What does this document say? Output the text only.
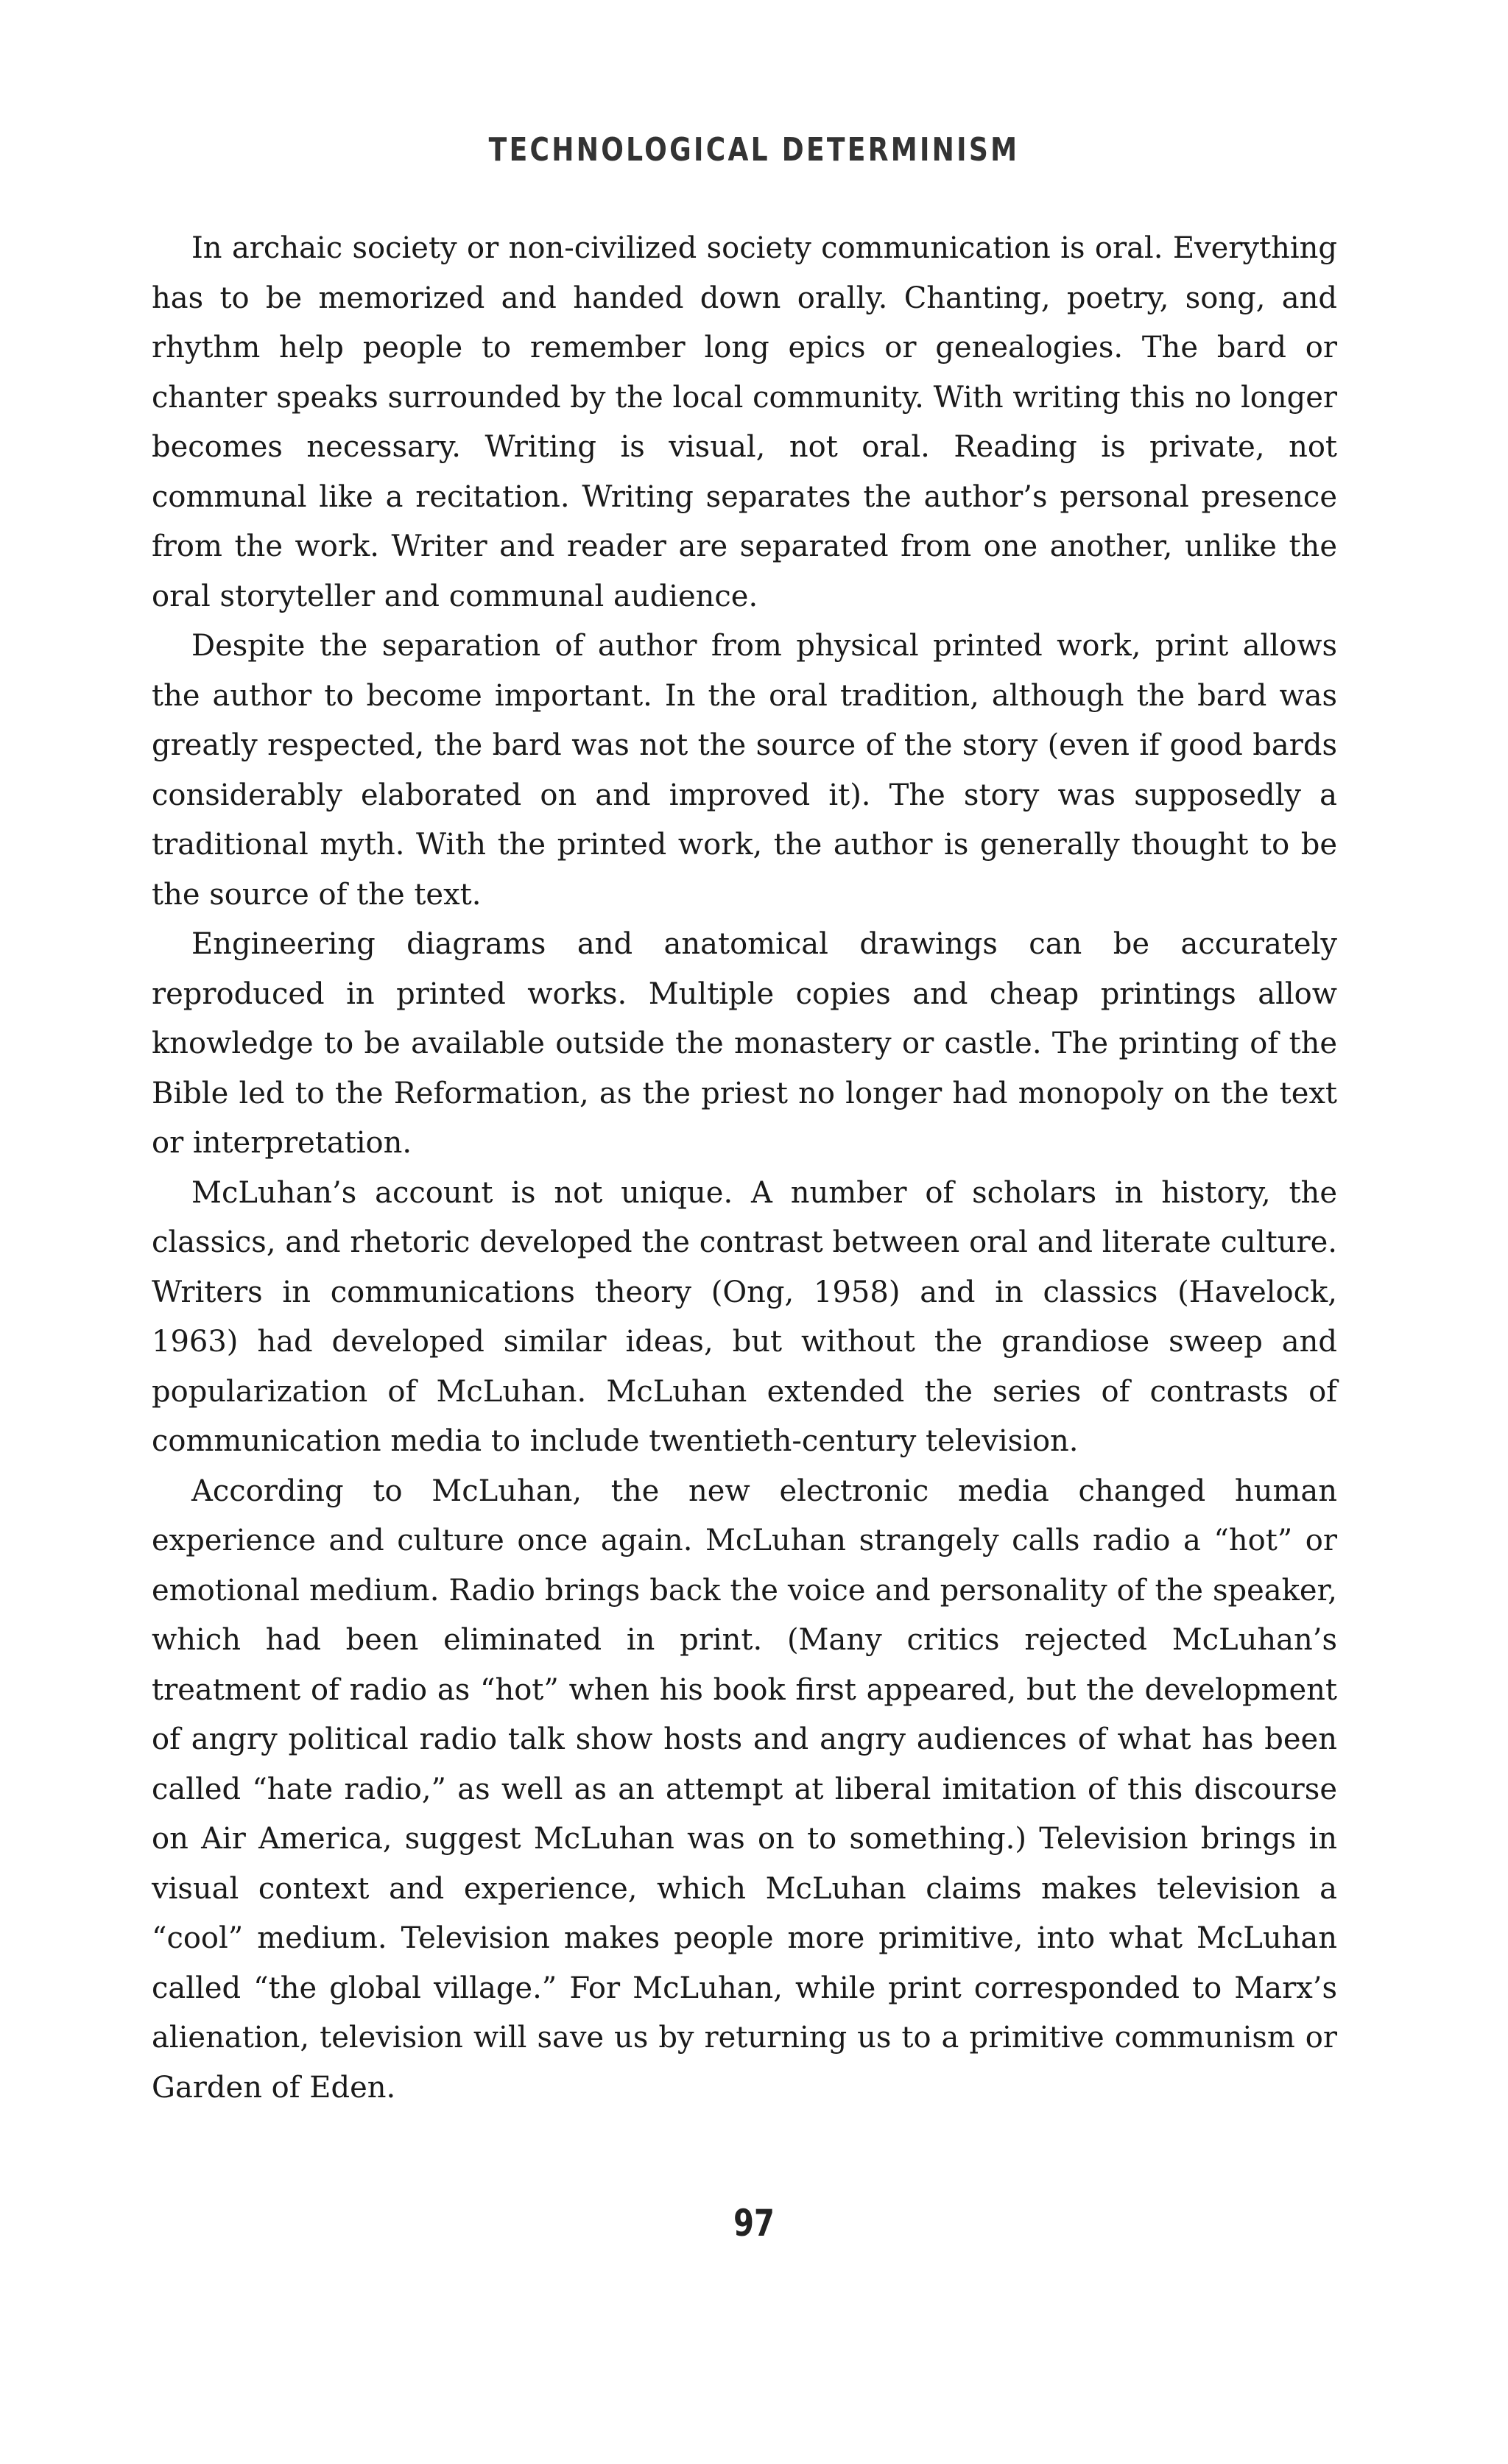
TECHNOLOGICAL DETERMINISM

In archaic society or non-civilized society communication is oral. Everything has to be memorized and handed down orally. Chanting, poetry, song, and rhythm help people to remember long epics or genealogies. The bard or chanter speaks surrounded by the local community. With writing this no longer becomes necessary. Writing is visual, not oral. Reading is private, not communal like a recitation. Writing separates the author’s personal presence from the work. Writer and reader are separated from one another, unlike the oral storyteller and communal audience.

Despite the separation of author from physical printed work, print allows the author to become important. In the oral tradition, although the bard was greatly respected, the bard was not the source of the story (even if good bards considerably elaborated on and improved it). The story was supposedly a traditional myth. With the printed work, the author is generally thought to be the source of the text.

Engineering diagrams and anatomical drawings can be accurately reproduced in printed works. Multiple copies and cheap printings allow knowledge to be available outside the monastery or castle. The printing of the Bible led to the Reformation, as the priest no longer had monopoly on the text or interpretation.

McLuhan’s account is not unique. A number of scholars in history, the classics, and rhetoric developed the contrast between oral and literate culture. Writers in communications theory (Ong, 1958) and in classics (Havelock, 1963) had developed similar ideas, but without the grandiose sweep and popularization of McLuhan. McLuhan extended the series of contrasts of communication media to include twentieth-century television.

According to McLuhan, the new electronic media changed human experience and culture once again. McLuhan strangely calls radio a “hot” or emotional medium. Radio brings back the voice and personality of the speaker, which had been eliminated in print. (Many critics rejected McLuhan’s treatment of radio as “hot” when his book first appeared, but the development of angry political radio talk show hosts and angry audiences of what has been called “hate radio,” as well as an attempt at liberal imitation of this discourse on Air America, suggest McLuhan was on to something.) Television brings in visual context and experience, which McLuhan claims makes television a “cool” medium. Television makes people more primitive, into what McLuhan called “the global village.” For McLuhan, while print corresponded to Marx’s alienation, television will save us by returning us to a primitive communism or Garden of Eden.

97
